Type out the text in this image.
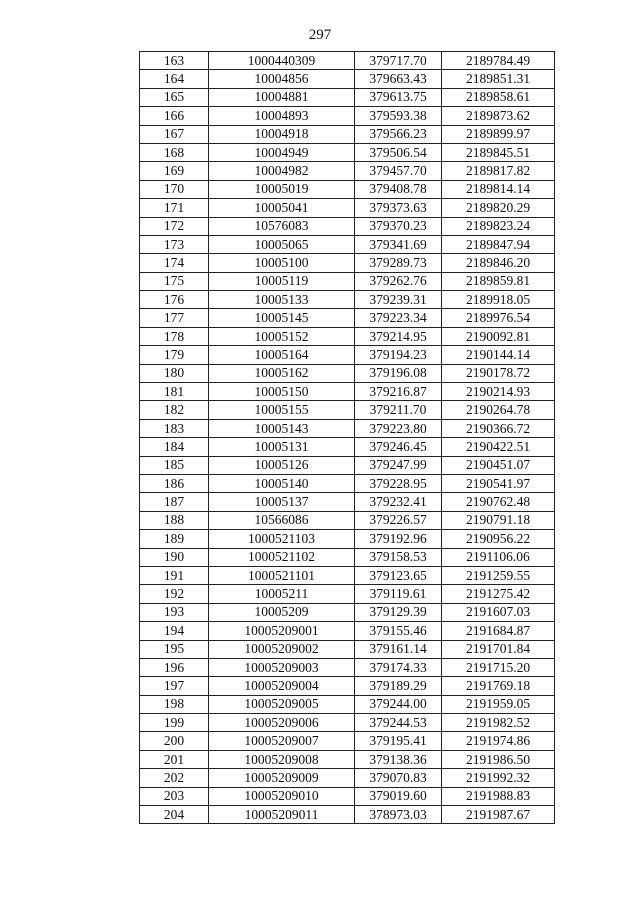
297
163	1000440309	379717.70	2189784.49
164	10004856	379663.43	2189851.31
165	10004881	379613.75	2189858.61
166	10004893	379593.38	2189873.62
167	10004918	379566.23	2189899.97
168	10004949	379506.54	2189845.51
169	10004982	379457.70	2189817.82
170	10005019	379408.78	2189814.14
171	10005041	379373.63	2189820.29
172	10576083	379370.23	2189823.24
173	10005065	379341.69	2189847.94
174	10005100	379289.73	2189846.20
175	10005119	379262.76	2189859.81
176	10005133	379239.31	2189918.05
177	10005145	379223.34	2189976.54
178	10005152	379214.95	2190092.81
179	10005164	379194.23	2190144.14
180	10005162	379196.08	2190178.72
181	10005150	379216.87	2190214.93
182	10005155	379211.70	2190264.78
183	10005143	379223.80	2190366.72
184	10005131	379246.45	2190422.51
185	10005126	379247.99	2190451.07
186	10005140	379228.95	2190541.97
187	10005137	379232.41	2190762.48
188	10566086	379226.57	2190791.18
189	1000521103	379192.96	2190956.22
190	1000521102	379158.53	2191106.06
191	1000521101	379123.65	2191259.55
192	10005211	379119.61	2191275.42
193	10005209	379129.39	2191607.03
194	10005209001	379155.46	2191684.87
195	10005209002	379161.14	2191701.84
196	10005209003	379174.33	2191715.20
197	10005209004	379189.29	2191769.18
198	10005209005	379244.00	2191959.05
199	10005209006	379244.53	2191982.52
200	10005209007	379195.41	2191974.86
201	10005209008	379138.36	2191986.50
202	10005209009	379070.83	2191992.32
203	10005209010	379019.60	2191988.83
204	10005209011	378973.03	2191987.67
